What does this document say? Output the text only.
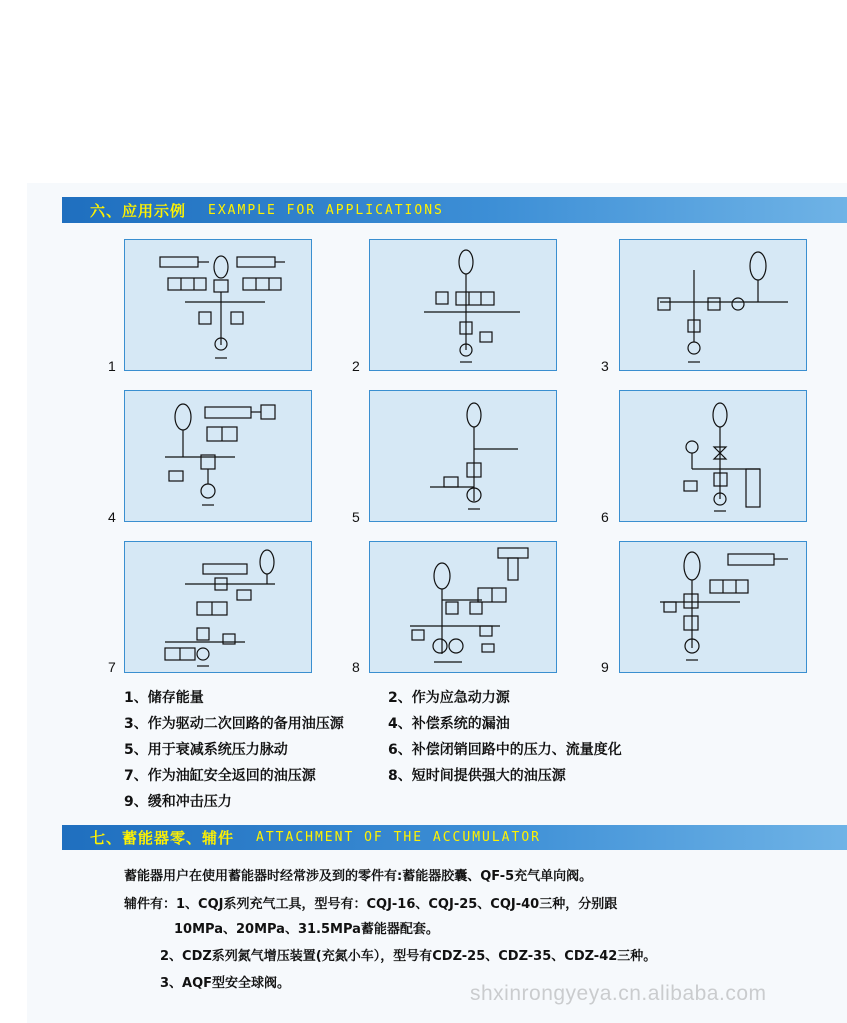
六、应用示例 EXAMPLE FOR APPLICATIONS
1	2	3
4	5	6
7	8	9
1、储存能量	2、作为应急动力源
3、作为驱动二次回路的备用油压源	4、补偿系统的漏油
5、用于衰减系统压力脉动	6、补偿闭销回路中的压力、流量度化
7、作为油缸安全返回的油压源	8、短时间提供强大的油压源
9、缓和冲击压力
七、蓄能器零、辅件 ATTACHMENT OF THE ACCUMULATOR
蓄能器用户在使用蓄能器时经常涉及到的零件有:蓄能器胶囊、QF-5充气单向阀。
辅件有：1、CQJ系列充气工具，型号有：CQJ-16、CQJ-25、CQJ-40三种，分别跟
10MPa、20MPa、31.5MPa蓄能器配套。
2、CDZ系列氮气增压装置(充氮小车），型号有CDZ-25、CDZ-35、CDZ-42三种。
3、AQF型安全球阀。	shxinrongyeya.cn.alibaba.com
